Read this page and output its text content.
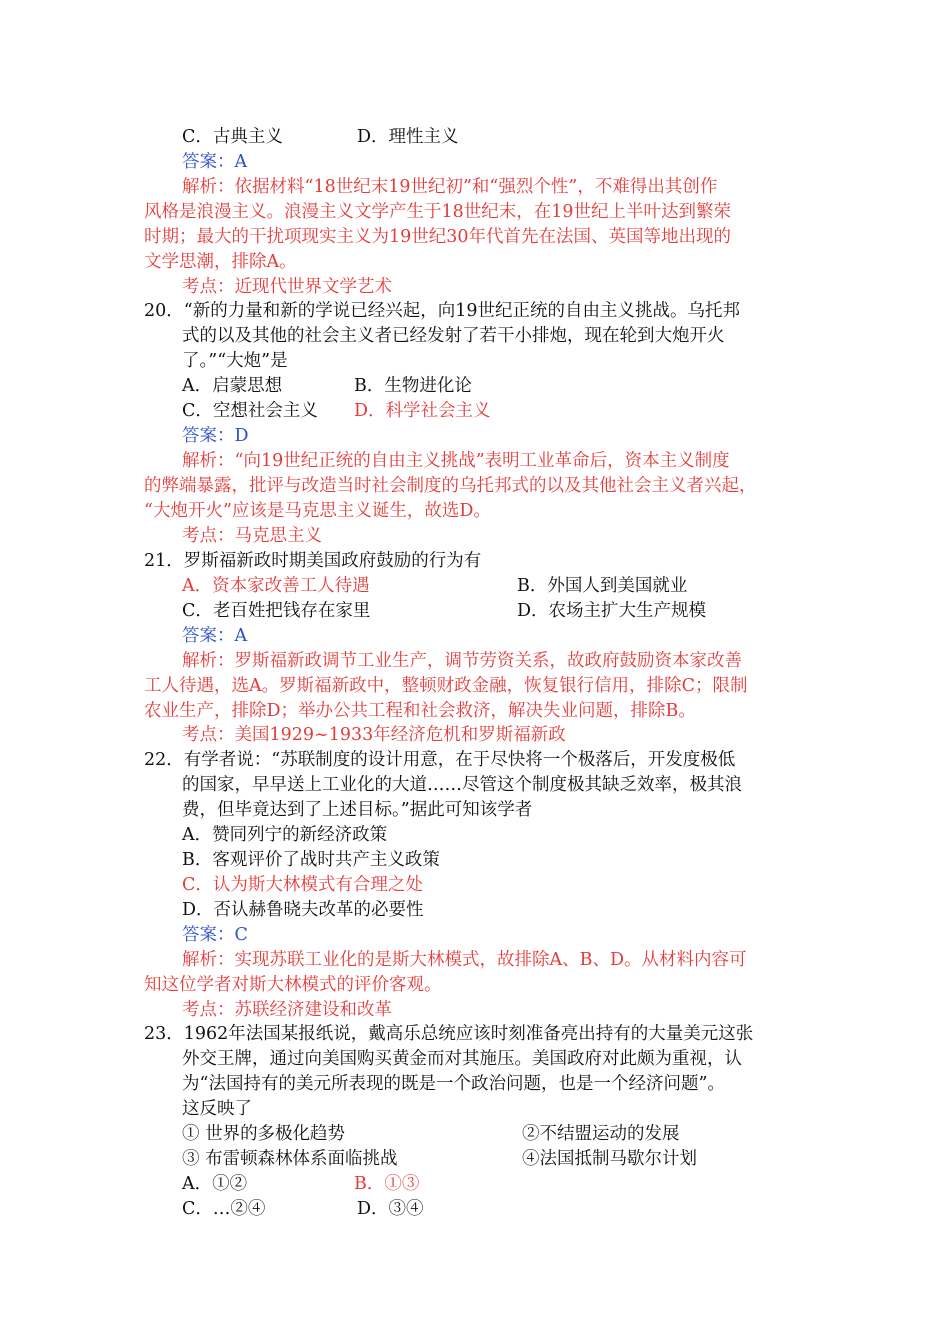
C．古典主义	D．理性主义
答案：A
解析：依据材料“18世纪末19世纪初”和“强烈个性”，不难得出其创作
风格是浪漫主义。浪漫主义文学产生于18世纪末，在19世纪上半叶达到繁荣
时期；最大的干扰项现实主义为19世纪30年代首先在法国、英国等地出现的
文学思潮，排除A。
考点：近现代世界文学艺术
20．“新的力量和新的学说已经兴起，向19世纪正统的自由主义挑战。乌托邦
式的以及其他的社会主义者已经发射了若干小排炮，现在轮到大炮开火
了。”“大炮”是
A．启蒙思想	B．生物进化论
C．空想社会主义 D．科学社会主义
答案：D
解析：“向19世纪正统的自由主义挑战”表明工业革命后，资本主义制度
的弊端暴露，批评与改造当时社会制度的乌托邦式的以及其他社会主义者兴起，
“大炮开火”应该是马克思主义诞生，故选D。
考点：马克思主义
21．罗斯福新政时期美国政府鼓励的行为有
A．资本家改善工人待遇	B．外国人到美国就业
C．老百姓把钱存在家里	D．农场主扩大生产规模
答案：A
解析：罗斯福新政调节工业生产，调节劳资关系，故政府鼓励资本家改善
工人待遇，选A。罗斯福新政中，整顿财政金融，恢复银行信用，排除C；限制
农业生产，排除D；举办公共工程和社会救济，解决失业问题，排除B。
考点：美国1929~1933年经济危机和罗斯福新政
22．有学者说：“苏联制度的设计用意，在于尽快将一个极落后，开发度极低
的国家，早早送上工业化的大道……尽管这个制度极其缺乏效率，极其浪
费，但毕竟达到了上述目标。”据此可知该学者
A．赞同列宁的新经济政策
B．客观评价了战时共产主义政策
C．认为斯大林模式有合理之处
D．否认赫鲁晓夫改革的必要性
答案：C
解析：实现苏联工业化的是斯大林模式，故排除A、B、D。从材料内容可
知这位学者对斯大林模式的评价客观。
考点：苏联经济建设和改革
23．1962年法国某报纸说，戴高乐总统应该时刻准备亮出持有的大量美元这张
外交王牌，通过向美国购买黄金而对其施压。美国政府对此颇为重视，认
为“法国持有的美元所表现的既是一个政治问题，也是一个经济问题”。
这反映了
① 世界的多极化趋势	②不结盟运动的发展
③ 布雷顿森林体系面临挑战	④法国抵制马歇尔计划
A．①②	B．①③
C．…②④	D．③④
